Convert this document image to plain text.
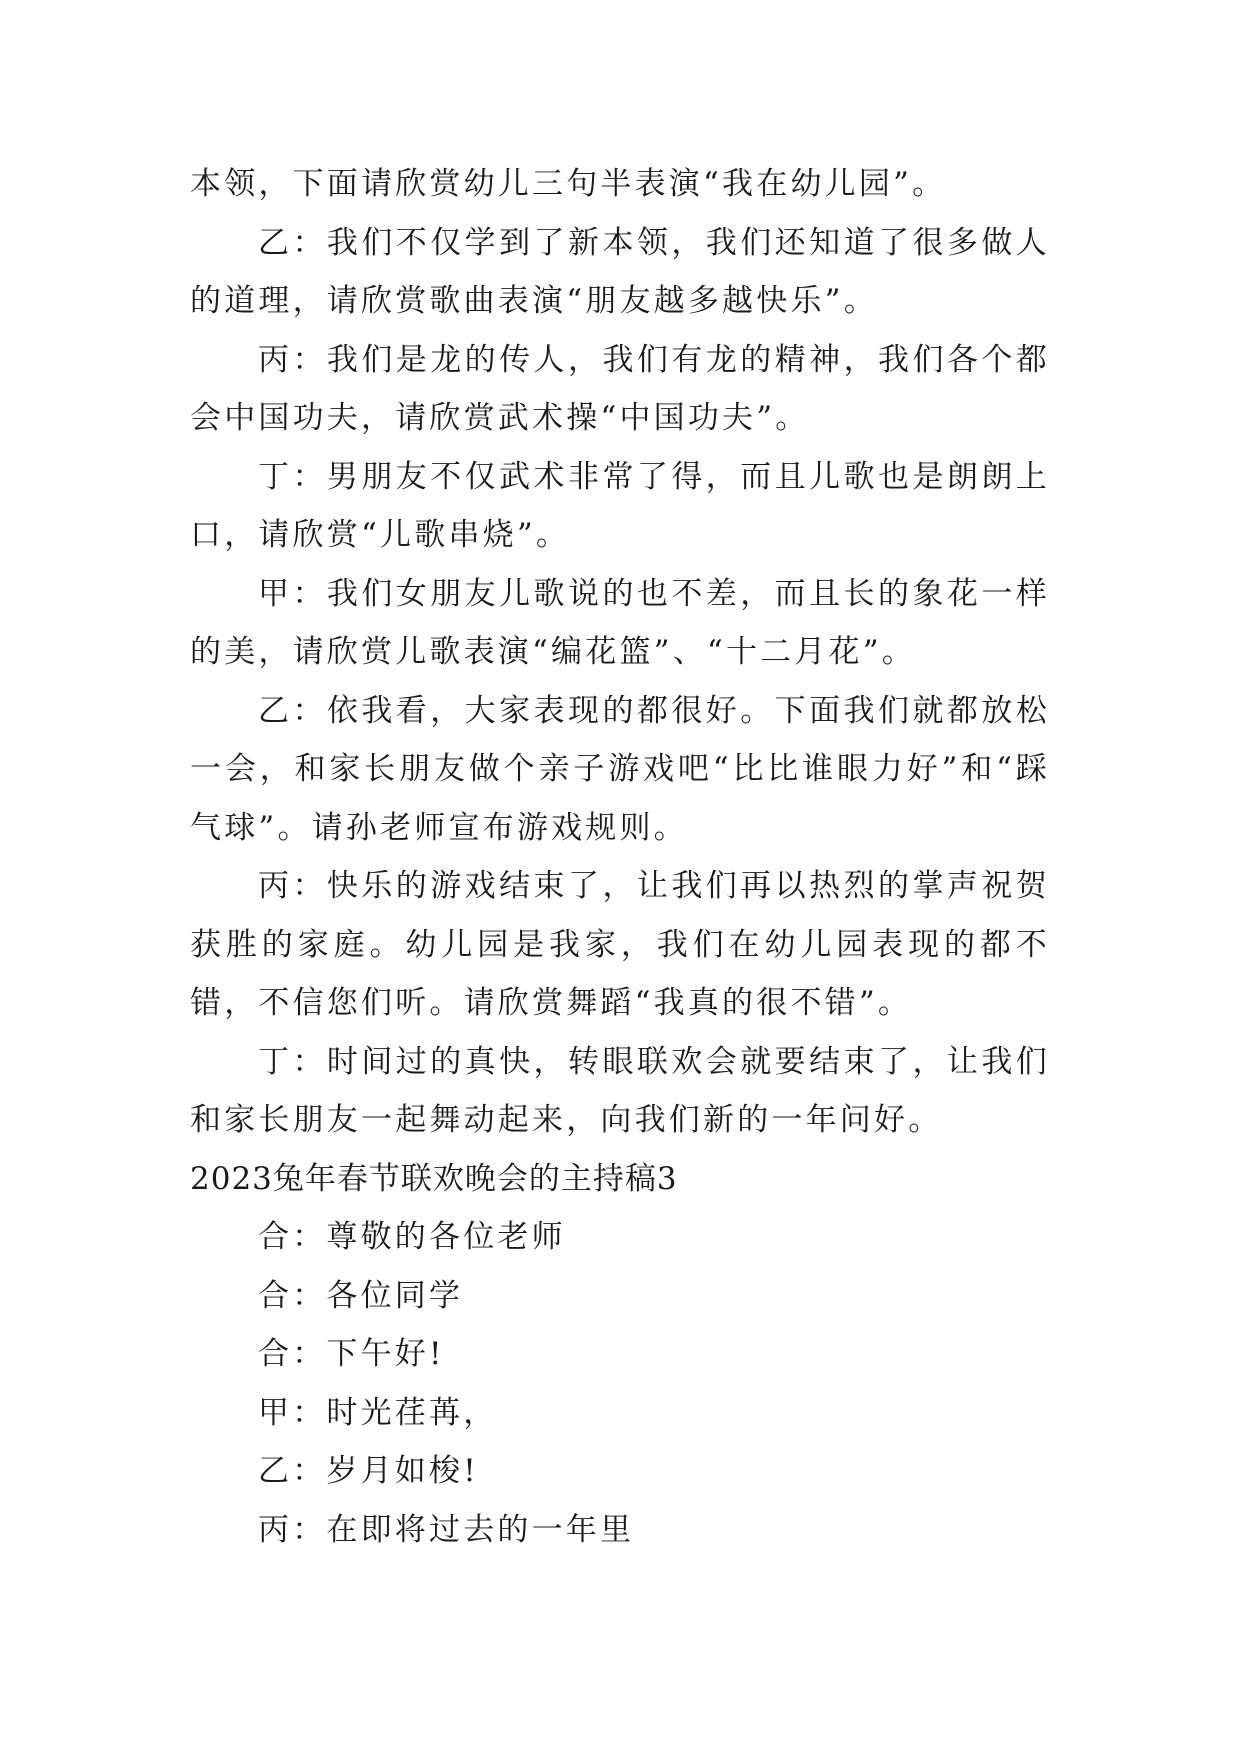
本领，下面请欣赏幼儿三句半表演“我在幼儿园”。

乙：我们不仅学到了新本领，我们还知道了很多做人的道理，请欣赏歌曲表演“朋友越多越快乐”。

丙：我们是龙的传人，我们有龙的精神，我们各个都会中国功夫，请欣赏武术操“中国功夫”。

丁：男朋友不仅武术非常了得，而且儿歌也是朗朗上口，请欣赏“儿歌串烧”。

甲：我们女朋友儿歌说的也不差，而且长的象花一样的美，请欣赏儿歌表演“编花篮”、“十二月花”。

乙：依我看，大家表现的都很好。下面我们就都放松一会，和家长朋友做个亲子游戏吧“比比谁眼力好”和“踩气球”。请孙老师宣布游戏规则。

丙：快乐的游戏结束了，让我们再以热烈的掌声祝贺获胜的家庭。幼儿园是我家，我们在幼儿园表现的都不错，不信您们听。请欣赏舞蹈“我真的很不错”。

丁：时间过的真快，转眼联欢会就要结束了，让我们和家长朋友一起舞动起来，向我们新的一年问好。

2023兔年春节联欢晚会的主持稿3

合：尊敬的各位老师

合：各位同学

合：下午好!

甲：时光荏苒，

乙：岁月如梭!

丙：在即将过去的一年里
